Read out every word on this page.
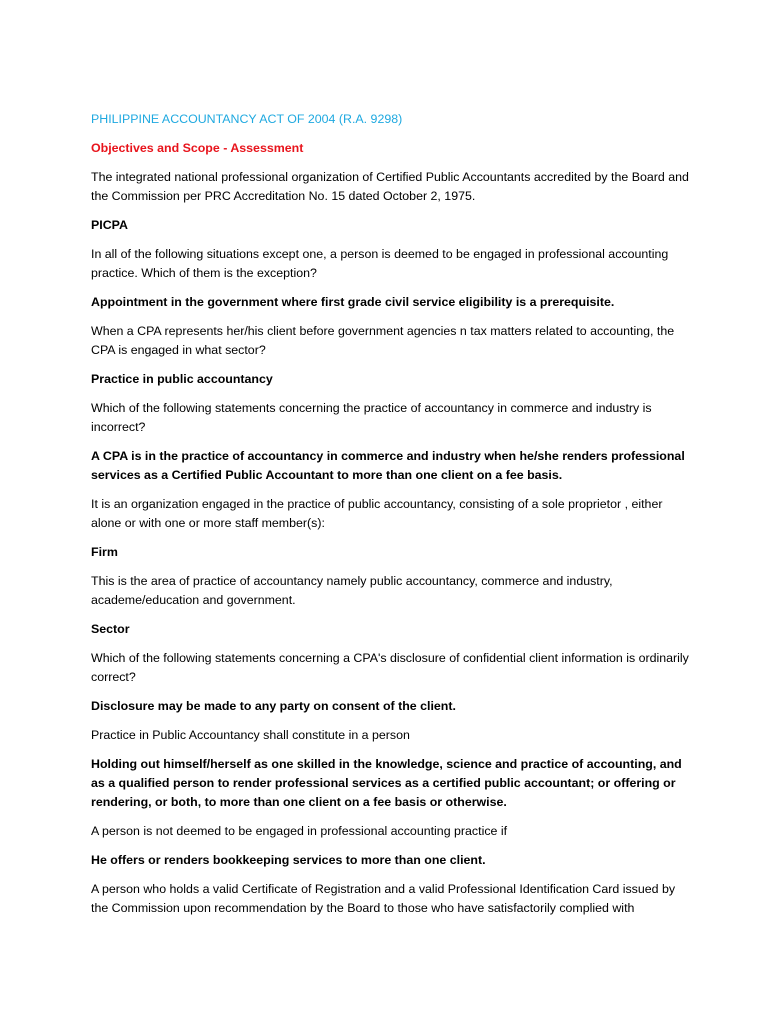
PHILIPPINE ACCOUNTANCY ACT OF 2004 (R.A. 9298)

Objectives and Scope - Assessment

The integrated national professional organization of Certified Public Accountants accredited by the Board and the Commission per PRC Accreditation No. 15 dated October 2, 1975.

PICPA

In all of the following situations except one, a person is deemed to be engaged in professional accounting practice. Which of them is the exception?

Appointment in the government where first grade civil service eligibility is a prerequisite.

When a CPA represents her/his client before government agencies n tax matters related to accounting, the CPA is engaged in what sector?

Practice in public accountancy

Which of the following statements concerning the practice of accountancy in commerce and industry is incorrect?

A CPA is in the practice of accountancy in commerce and industry when he/she renders professional services as a Certified Public Accountant to more than one client on a fee basis.

It is an organization engaged in the practice of public accountancy, consisting of a sole proprietor , either alone or with one or more staff member(s):

Firm

This is the area of practice of accountancy namely public accountancy, commerce and industry, academe/education and government.

Sector

Which of the following statements concerning a CPA's disclosure of confidential client information is ordinarily correct?

Disclosure may be made to any party on consent of the client.

Practice in Public Accountancy shall constitute in a person

Holding out himself/herself as one skilled in the knowledge, science and practice of accounting, and as a qualified person to render professional services as a certified public accountant; or offering or rendering, or both, to more than one client on a fee basis or otherwise.

A person is not deemed to be engaged in professional accounting practice if

He offers or renders bookkeeping services to more than one client.

A person who holds a valid Certificate of Registration and a valid Professional Identification Card issued by the Commission upon recommendation by the Board to those who have satisfactorily complied with
